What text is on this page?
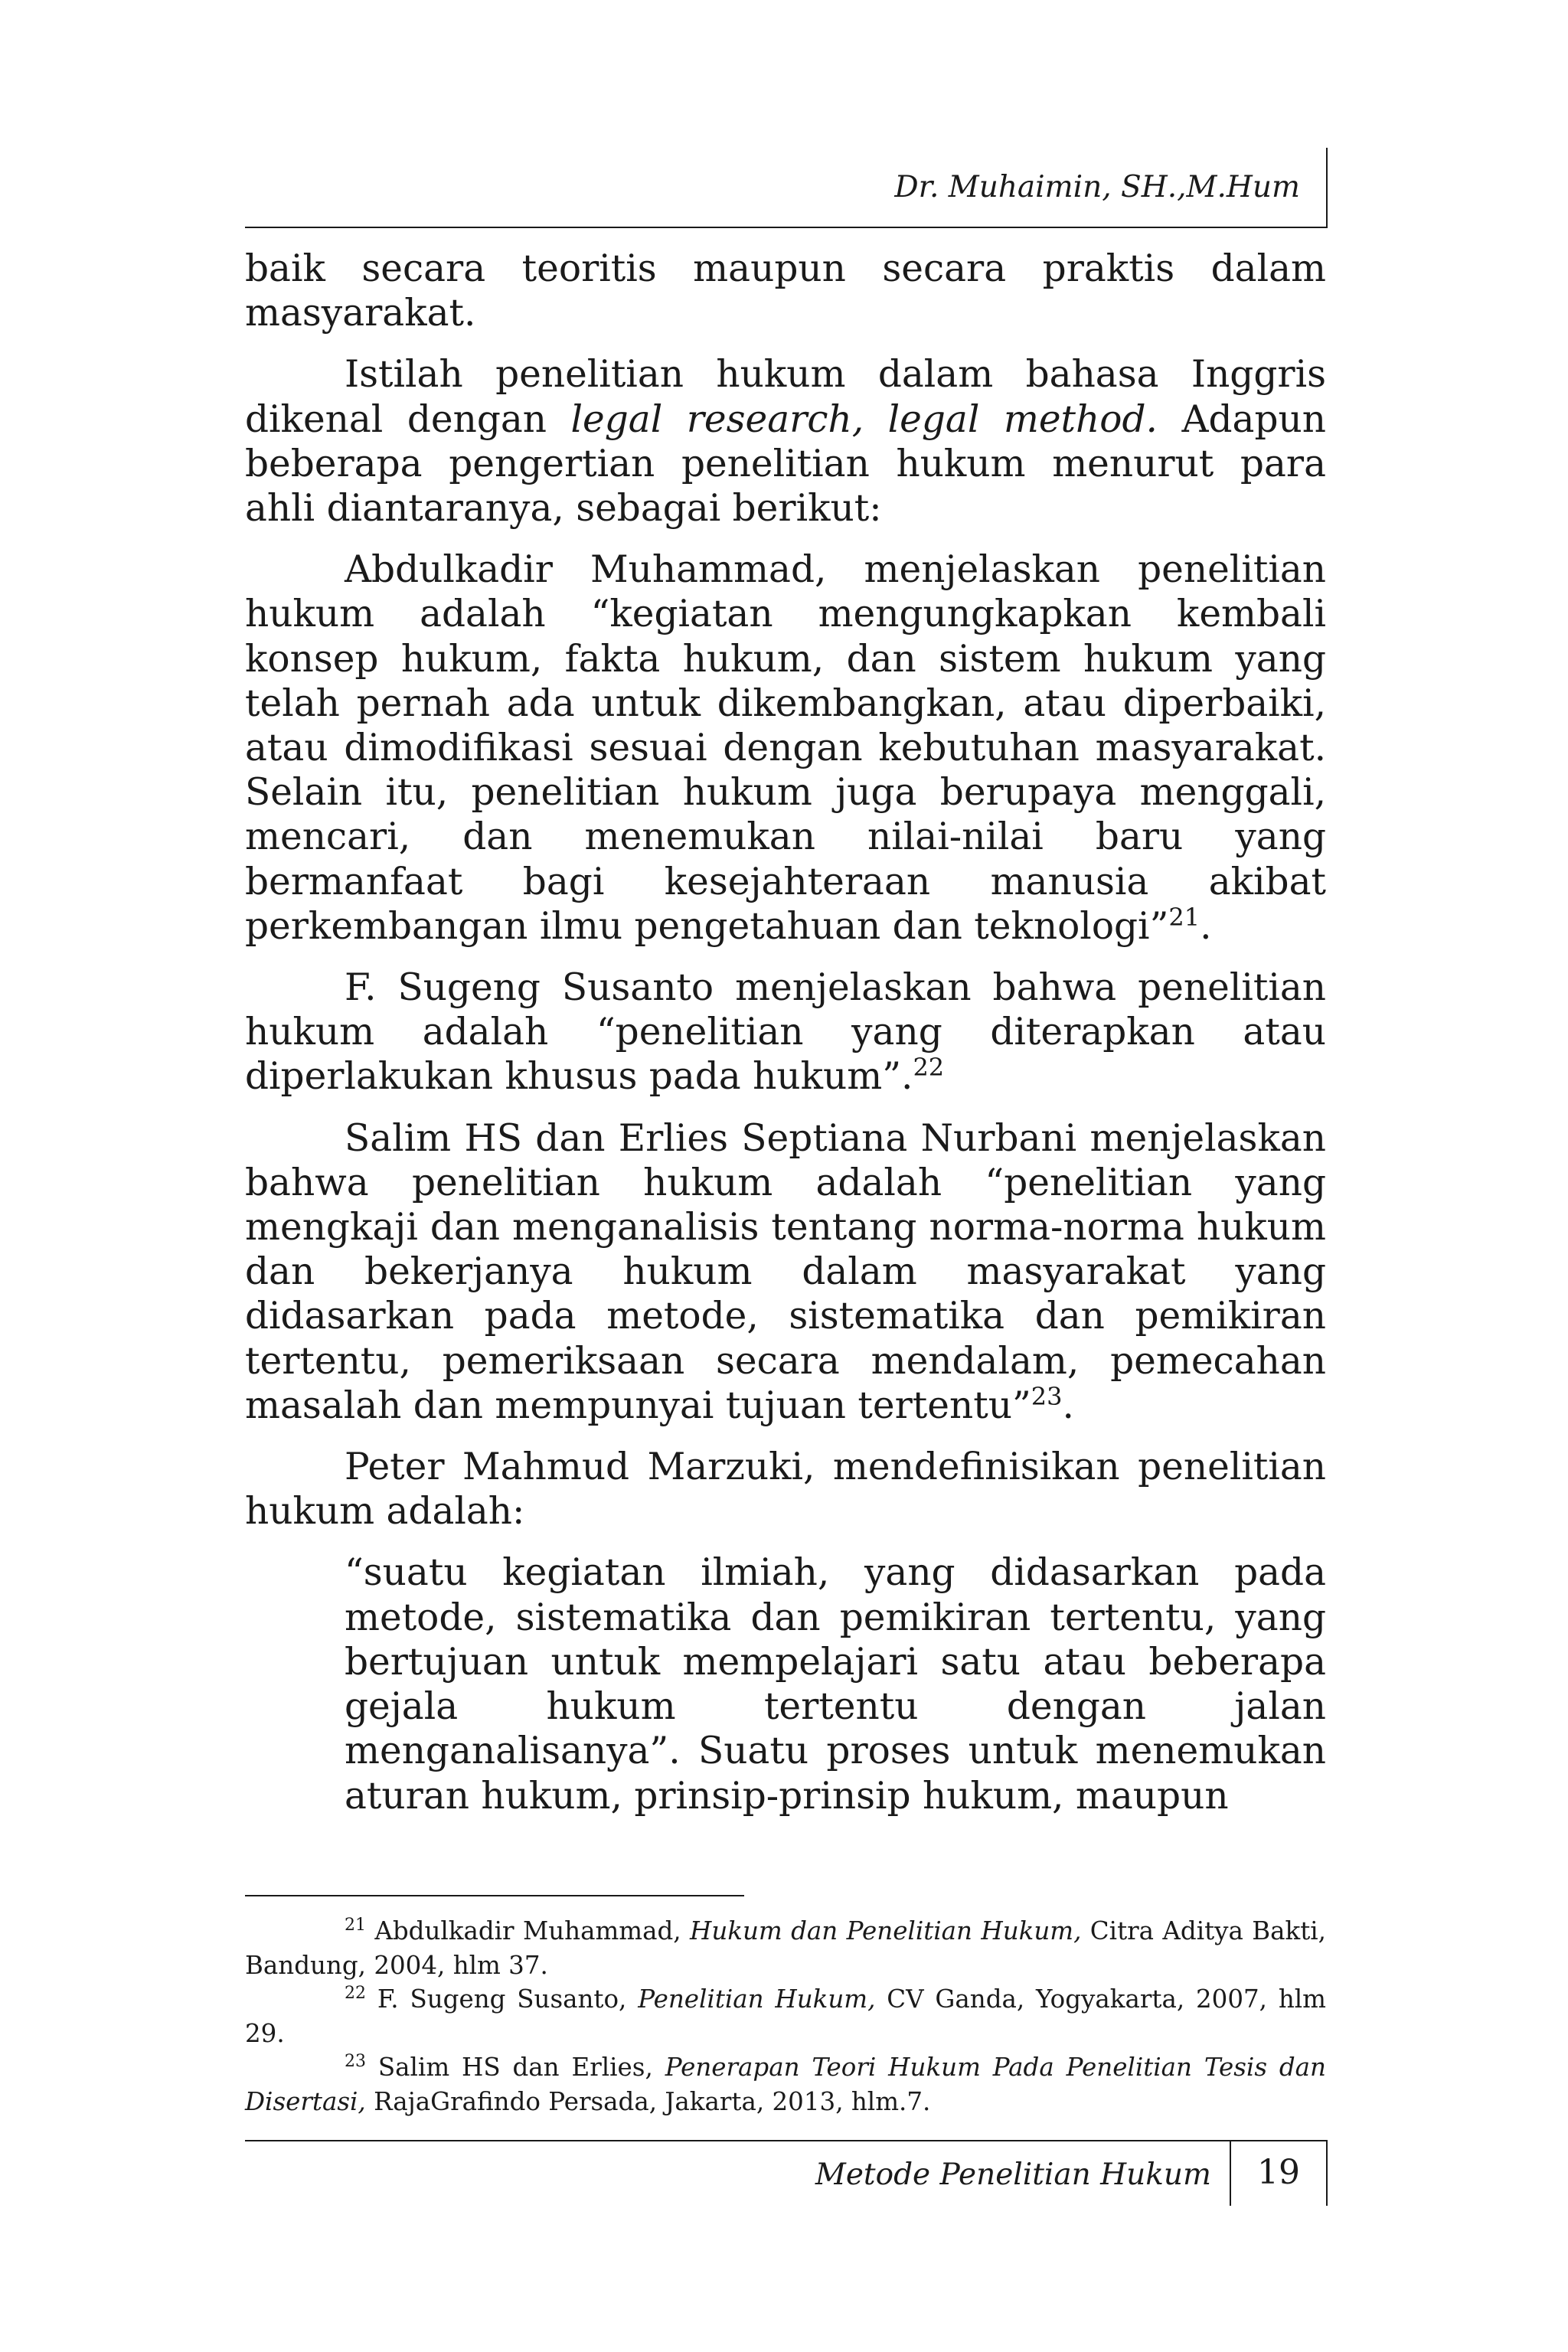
Dr. Muhaimin, SH.,M.Hum

baik secara teoritis maupun secara praktis dalam masyarakat.

Istilah penelitian hukum dalam bahasa Inggris dikenal dengan legal research, legal method. Adapun beberapa pengertian penelitian hukum menurut para ahli diantaranya, sebagai berikut:

Abdulkadir Muhammad, menjelaskan penelitian hukum adalah “kegiatan mengungkapkan kembali konsep hukum, fakta hukum, dan sistem hukum yang telah pernah ada untuk dikembangkan, atau diperbaiki, atau dimodifikasi sesuai dengan kebutuhan masyarakat. Selain itu, penelitian hukum juga berupaya menggali, mencari, dan menemukan nilai-nilai baru yang bermanfaat bagi kesejahteraan manusia akibat perkembangan ilmu pengetahuan dan teknologi”$^{21}$.

F. Sugeng Susanto menjelaskan bahwa penelitian hukum adalah “penelitian yang diterapkan atau diperlakukan khusus pada hukum”.$^{22}$

Salim HS dan Erlies Septiana Nurbani menjelaskan bahwa penelitian hukum adalah “penelitian yang mengkaji dan menganalisis tentang norma-norma hukum dan bekerjanya hukum dalam masyarakat yang didasarkan pada metode, sistematika dan pemikiran tertentu, pemeriksaan secara mendalam, pemecahan masalah dan mempunyai tujuan tertentu”$^{23}$.

Peter Mahmud Marzuki, mendefinisikan penelitian hukum adalah:

“suatu kegiatan ilmiah, yang didasarkan pada metode, sistematika dan pemikiran tertentu, yang bertujuan untuk mempelajari satu atau beberapa gejala hukum tertentu dengan jalan menganalisanya”. Suatu proses untuk menemukan aturan hukum, prinsip-prinsip hukum, maupun

$^{21}$ Abdulkadir Muhammad, Hukum dan Penelitian Hukum, Citra Aditya Bakti, Bandung, 2004, hlm 37.

$^{22}$ F. Sugeng Susanto, Penelitian Hukum, CV Ganda, Yogyakarta, 2007, hlm 29.

$^{23}$ Salim HS dan Erlies, Penerapan Teori Hukum Pada Penelitian Tesis dan Disertasi, RajaGrafindo Persada, Jakarta, 2013, hlm.7.

Metode Penelitian Hukum	19
